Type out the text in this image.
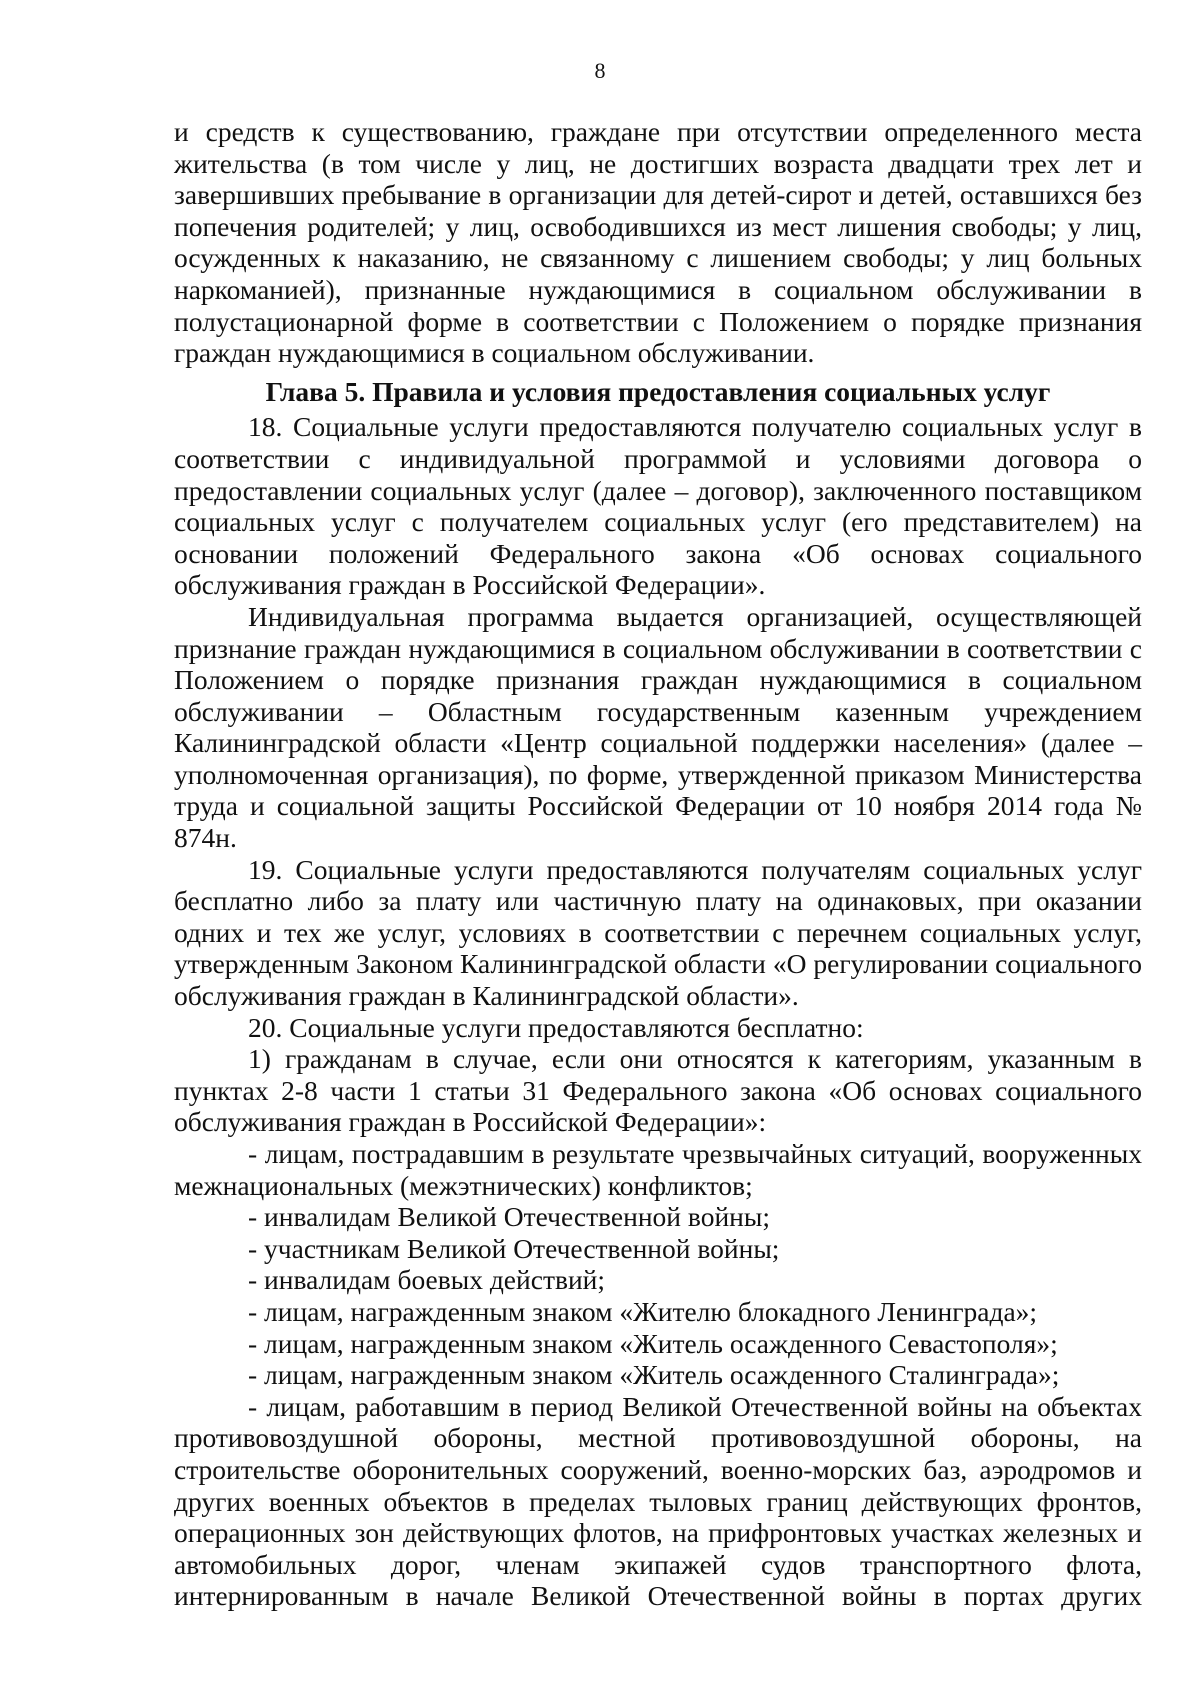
8

и средств к существованию, граждане при отсутствии определенного места жительства (в том числе у лиц, не достигших возраста двадцати трех лет и завершивших пребывание в организации для детей-сирот и детей, оставшихся без попечения родителей; у лиц, освободившихся из мест лишения свободы; у лиц, осужденных к наказанию, не связанному с лишением свободы; у лиц больных наркоманией), признанные нуждающимися в социальном обслуживании в полустационарной форме в соответствии с Положением о порядке признания граждан нуждающимися в социальном обслуживании.

Глава 5. Правила и условия предоставления социальных услуг

18. Социальные услуги предоставляются получателю социальных услуг в соответствии с индивидуальной программой и условиями договора о предоставлении социальных услуг (далее – договор), заключенного поставщиком социальных услуг с получателем социальных услуг (его представителем) на основании положений Федерального закона «Об основах социального обслуживания граждан в Российской Федерации».

Индивидуальная программа выдается организацией, осуществляющей признание граждан нуждающимися в социальном обслуживании в соответствии с Положением о порядке признания граждан нуждающимися в социальном обслуживании – Областным государственным казенным учреждением Калининградской области «Центр социальной поддержки населения» (далее – уполномоченная организация), по форме, утвержденной приказом Министерства труда и социальной защиты Российской Федерации от 10 ноября 2014 года № 874н.

19. Социальные услуги предоставляются получателям социальных услуг бесплатно либо за плату или частичную плату на одинаковых, при оказании одних и тех же услуг, условиях в соответствии с перечнем социальных услуг, утвержденным Законом Калининградской области «О регулировании социального обслуживания граждан в Калининградской области».

20. Социальные услуги предоставляются бесплатно:

1) гражданам в случае, если они относятся к категориям, указанным в пунктах 2-8 части 1 статьи 31 Федерального закона «Об основах социального обслуживания граждан в Российской Федерации»:

- лицам, пострадавшим в результате чрезвычайных ситуаций, вооруженных межнациональных (межэтнических) конфликтов;
- инвалидам Великой Отечественной войны;
- участникам Великой Отечественной войны;
- инвалидам боевых действий;
- лицам, награжденным знаком «Жителю блокадного Ленинграда»;
- лицам, награжденным знаком «Житель осажденного Севастополя»;
- лицам, награжденным знаком «Житель осажденного Сталинграда»;
- лицам, работавшим в период Великой Отечественной войны на объектах противовоздушной обороны, местной противовоздушной обороны, на строительстве оборонительных сооружений, военно-морских баз, аэродромов и других военных объектов в пределах тыловых границ действующих фронтов, операционных зон действующих флотов, на прифронтовых участках железных и автомобильных дорог, членам экипажей судов транспортного флота, интернированным в начале Великой Отечественной войны в портах других
